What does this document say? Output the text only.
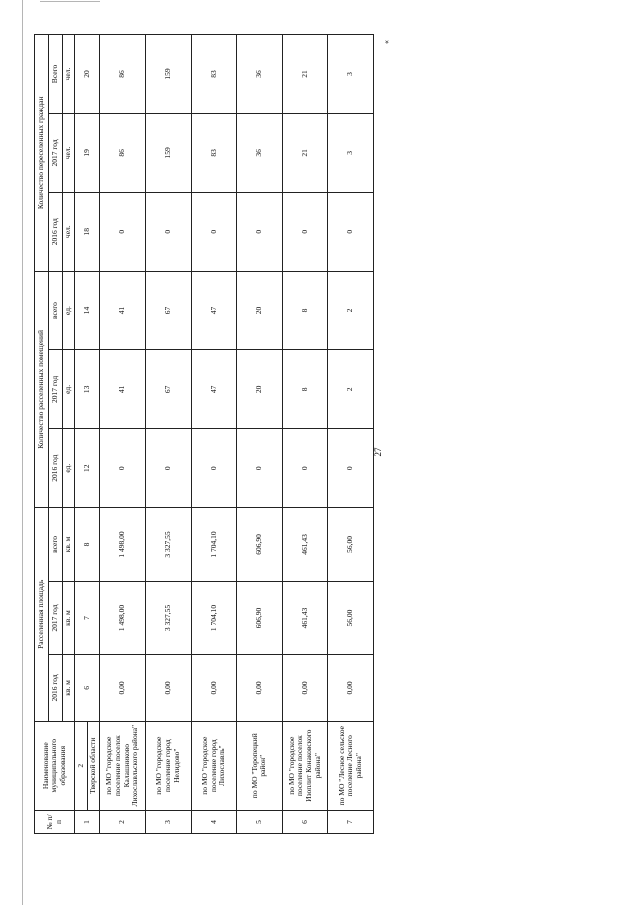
27
«
№ п/п	Наименование муниципального образования	Расселенная площадь			Количество расселенных помещений			Количество переселенных граждан		
		2016 год	2017 год	всего	2016 год	2017 год	всего	2016 год	2017 год	Всего
		кв. м	кв. м	кв. м	ед.	ед.	ед.	чел.	чел.	чел.
1	2	6	7	8	12	13	14	18	19	20
	Тверской области									
2	по МО "городское поселение поселок Калашниково Лихославльского района"	0,00	1 498,00	1 498,00	0	41	41	0	86	86
3	по МО "городское поселение город Нелидово"	0,00	3 327,55	3 327,55	0	67	67	0	159	159
4	по МО "городское поселение город Лихославль"	0,00	1 704,10	1 704,10	0	47	47	0	83	83
5	по МО "Торопецкий район"	0,00	606,90	606,90	0	20	20	0	36	36
6	по МО "городское поселение поселок Изоплит Конаковского района"	0,00	461,43	461,43	0	8	8	0	21	21
7	по МО "Лесное сельское поселение Лесного района"	0,00	56,00	56,00	0	2	2	0	3	3
